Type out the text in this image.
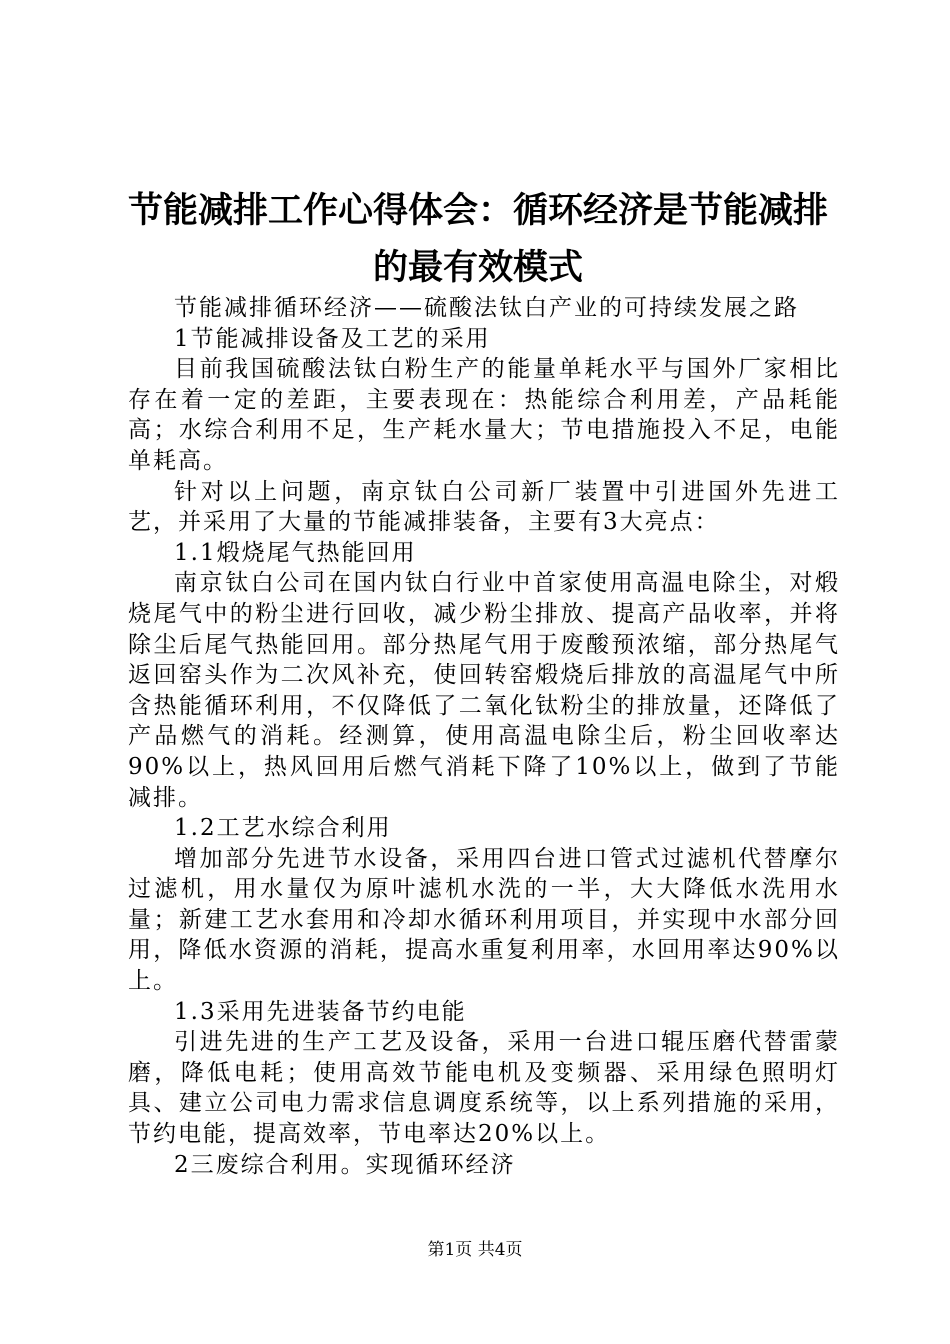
节能减排工作心得体会：循环经济是节能减排
的最有效模式

节能减排循环经济——硫酸法钛白产业的可持续发展之路

1节能减排设备及工艺的采用

目前我国硫酸法钛白粉生产的能量单耗水平与国外厂家相比存在着一定的差距，主要表现在：热能综合利用差，产品耗能高；水综合利用不足，生产耗水量大；节电措施投入不足，电能单耗高。

针对以上问题，南京钛白公司新厂装置中引进国外先进工艺，并采用了大量的节能减排装备，主要有3大亮点：

1.1煅烧尾气热能回用

南京钛白公司在国内钛白行业中首家使用高温电除尘，对煅烧尾气中的粉尘进行回收，减少粉尘排放、提高产品收率，并将除尘后尾气热能回用。部分热尾气用于废酸预浓缩，部分热尾气返回窑头作为二次风补充，使回转窑煅烧后排放的高温尾气中所含热能循环利用，不仅降低了二氧化钛粉尘的排放量，还降低了产品燃气的消耗。经测算，使用高温电除尘后，粉尘回收率达90%以上，热风回用后燃气消耗下降了10%以上，做到了节能减排。

1.2工艺水综合利用

增加部分先进节水设备，采用四台进口管式过滤机代替摩尔过滤机，用水量仅为原叶滤机水洗的一半，大大降低水洗用水量；新建工艺水套用和冷却水循环利用项目，并实现中水部分回用，降低水资源的消耗，提高水重复利用率，水回用率达90%以上。

1.3采用先进装备节约电能

引进先进的生产工艺及设备，采用一台进口辊压磨代替雷蒙磨，降低电耗；使用高效节能电机及变频器、采用绿色照明灯具、建立公司电力需求信息调度系统等，以上系列措施的采用，节约电能，提高效率，节电率达20%以上。

2三废综合利用。实现循环经济

第1页 共4页
